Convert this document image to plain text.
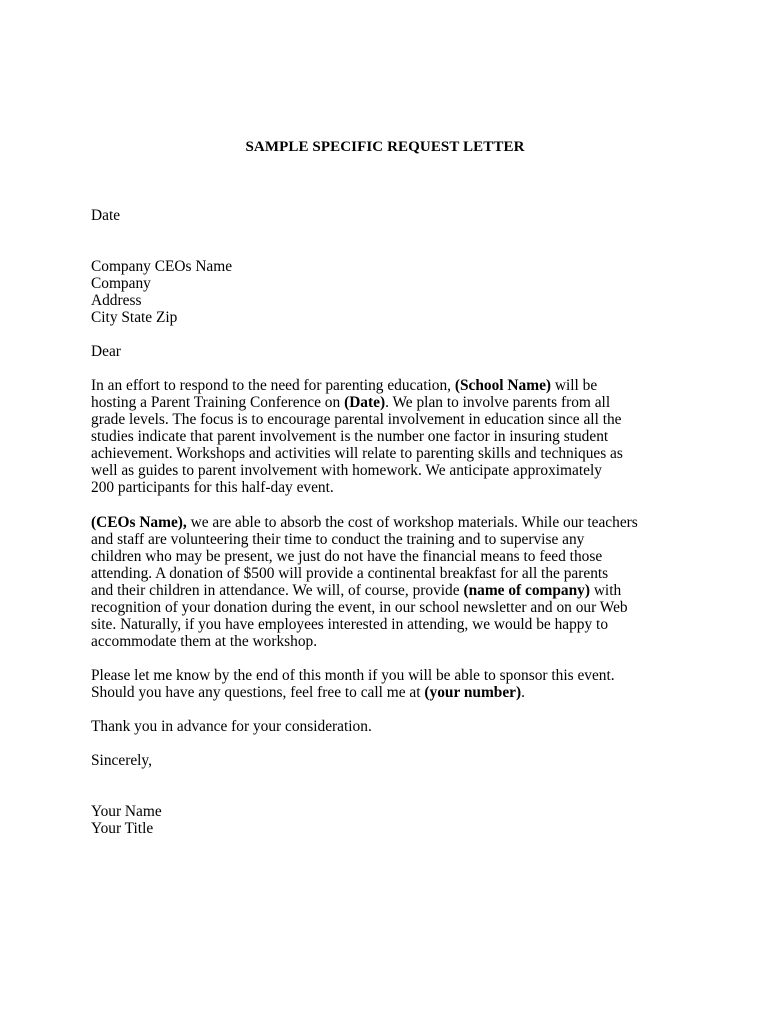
SAMPLE SPECIFIC REQUEST LETTER
Date
Company CEOs Name
Company
Address
City State Zip
Dear
In an effort to respond to the need for parenting education, (School Name) will be
hosting a Parent Training Conference on (Date). We plan to involve parents from all
grade levels. The focus is to encourage parental involvement in education since all the
studies indicate that parent involvement is the number one factor in insuring student
achievement. Workshops and activities will relate to parenting skills and techniques as
well as guides to parent involvement with homework. We anticipate approximately
200 participants for this half-day event.
(CEOs Name), we are able to absorb the cost of workshop materials. While our teachers
and staff are volunteering their time to conduct the training and to supervise any
children who may be present, we just do not have the financial means to feed those
attending. A donation of $500 will provide a continental breakfast for all the parents
and their children in attendance. We will, of course, provide (name of company) with
recognition of your donation during the event, in our school newsletter and on our Web
site. Naturally, if you have employees interested in attending, we would be happy to
accommodate them at the workshop.
Please let me know by the end of this month if you will be able to sponsor this event.
Should you have any questions, feel free to call me at (your number).
Thank you in advance for your consideration.
Sincerely,
Your Name
Your Title
